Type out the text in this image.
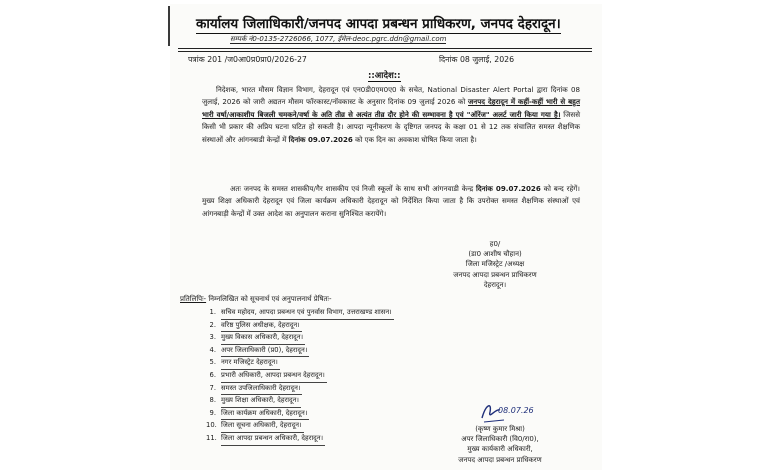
कार्यालय जिलाधिकारी/जनपद आपदा प्रबन्धन प्राधिकरण, जनपद देहरादून।
सम्पर्क नं0-0135-2726066, 1077, ईमेल-deoc.pgrc.ddn@gmail.com
पत्रांक 201 /ज0आ0प्र0प्रा0/2026-27	दिनांक 08 जुलाई, 2026
::आदेश::

निदेशक, भारत मौसम विज्ञान विभाग, देहरादून एवं एन0डी0एम0ए0 के सचेत, National Disaster Alert Portal द्वारा दिनांक 08 जुलाई, 2026 को जारी अद्यतन मौसम फॉरकास्ट/नॉवकास्ट के अनुसार दिनांक 09 जुलाई 2026 को जनपद देहरादून में कहीं-कहीं भारी से बहुत भारी वर्षा/आकाशीय बिजली चमकने/वर्षा के अति तीव्र से अत्यंत तीव्र दौर होने की सम्भावना है एवं "ऑरेंज" अलर्ट जारी किया गया है। जिससे किसी भी प्रकार की अप्रिय घटना घटित हो सकती है। आपदा न्यूनीकरण के दृष्टिगत जनपद के कक्षा 01 से 12 तक संचालित समस्त शैक्षणिक संस्थाओं और आंगनबाडी केन्द्रों में दिनांक 09.07.2026 को एक दिन का अवकाश घोषित किया जाता है।

अतः जनपद के समस्त शासकीय/गैर शासकीय एवं निजी स्कूलों के साथ सभी आंगनवाडी केन्द्र दिनांक 09.07.2026 को बन्द रहेगें। मुख्य शिक्षा अधिकारी देहरादून एवं जिला कार्यक्रम अधिकारी देहरादून को निर्देशित किया जाता है कि उपरोक्त समस्त शैक्षणिक संस्थाओं एवं आंगनबाड़ी केन्द्रों में उक्त आदेश का अनुपालन कराना सुनिश्चित करायेंगे।

ह0/
(डा0 आशीष चौहान)
जिला मजिस्ट्रेट /अध्यक्ष
जनपद आपदा प्रबन्धन प्राधिकरण
देहरादून।
प्रतिलिपिः- निम्नलिखित को सूचनार्थ एवं अनुपालनार्थ प्रेषितः-
1. सचिव महोदय, आपदा प्रबन्धन एवं पुनर्वास विभाग, उत्तराखण्ड शासन।
2. वरिष्ठ पुलिस अधीक्षक, देहरादून।
3. मुख्य विकास अधिकारी, देहरादून।
4. अपर जिलाधिकारी (प्र0), देहरादून।
5. नगर मजिस्ट्रेट देहरादून।
6. प्रभारी अधिकारी, आपदा प्रबन्धन देहरादून।
7. समस्त उपजिलाधिकारी देहरादून।
8. मुख्य शिक्षा अधिकारी, देहरादून।
9. जिला कार्यक्रम अधिकारी, देहरादून।
10. जिला सूचना अधिकारी, देहरादून।
11. जिला आपदा प्रबन्धन अधिकारी, देहरादून।
08.07.26
(कृष्ण कुमार मिश्रा)
अपर जिलाधिकारी (वि0/रा0),
मुख्य कार्यकारी अधिकारी,
जनपद आपदा प्रबन्धन प्राधिकरण
